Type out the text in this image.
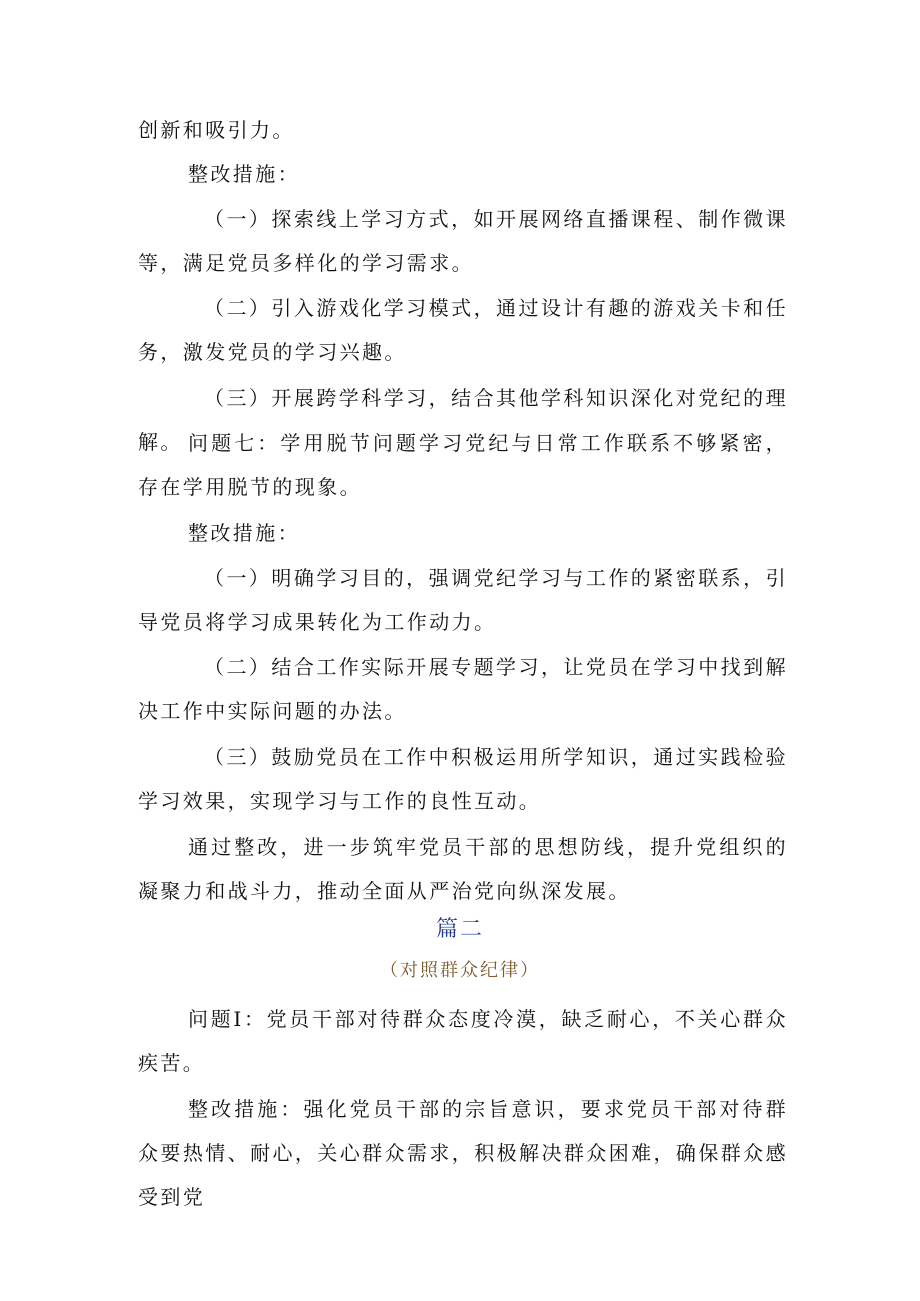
创新和吸引力。

整改措施：

（一）探索线上学习方式，如开展网络直播课程、制作微课等，满足党员多样化的学习需求。

（二）引入游戏化学习模式，通过设计有趣的游戏关卡和任务，激发党员的学习兴趣。

（三）开展跨学科学习，结合其他学科知识深化对党纪的理解。 问题七：学用脱节问题学习党纪与日常工作联系不够紧密，存在学用脱节的现象。

整改措施：

（一）明确学习目的，强调党纪学习与工作的紧密联系，引导党员将学习成果转化为工作动力。

（二）结合工作实际开展专题学习，让党员在学习中找到解决工作中实际问题的办法。

（三）鼓励党员在工作中积极运用所学知识，通过实践检验学习效果，实现学习与工作的良性互动。

通过整改，进一步筑牢党员干部的思想防线，提升党组织的凝聚力和战斗力，推动全面从严治党向纵深发展。

篇二
（对照群众纪律）

问题Ⅰ：党员干部对待群众态度冷漠，缺乏耐心，不关心群众疾苦。

整改措施：强化党员干部的宗旨意识，要求党员干部对待群众要热情、耐心，关心群众需求，积极解决群众困难，确保群众感受到党
